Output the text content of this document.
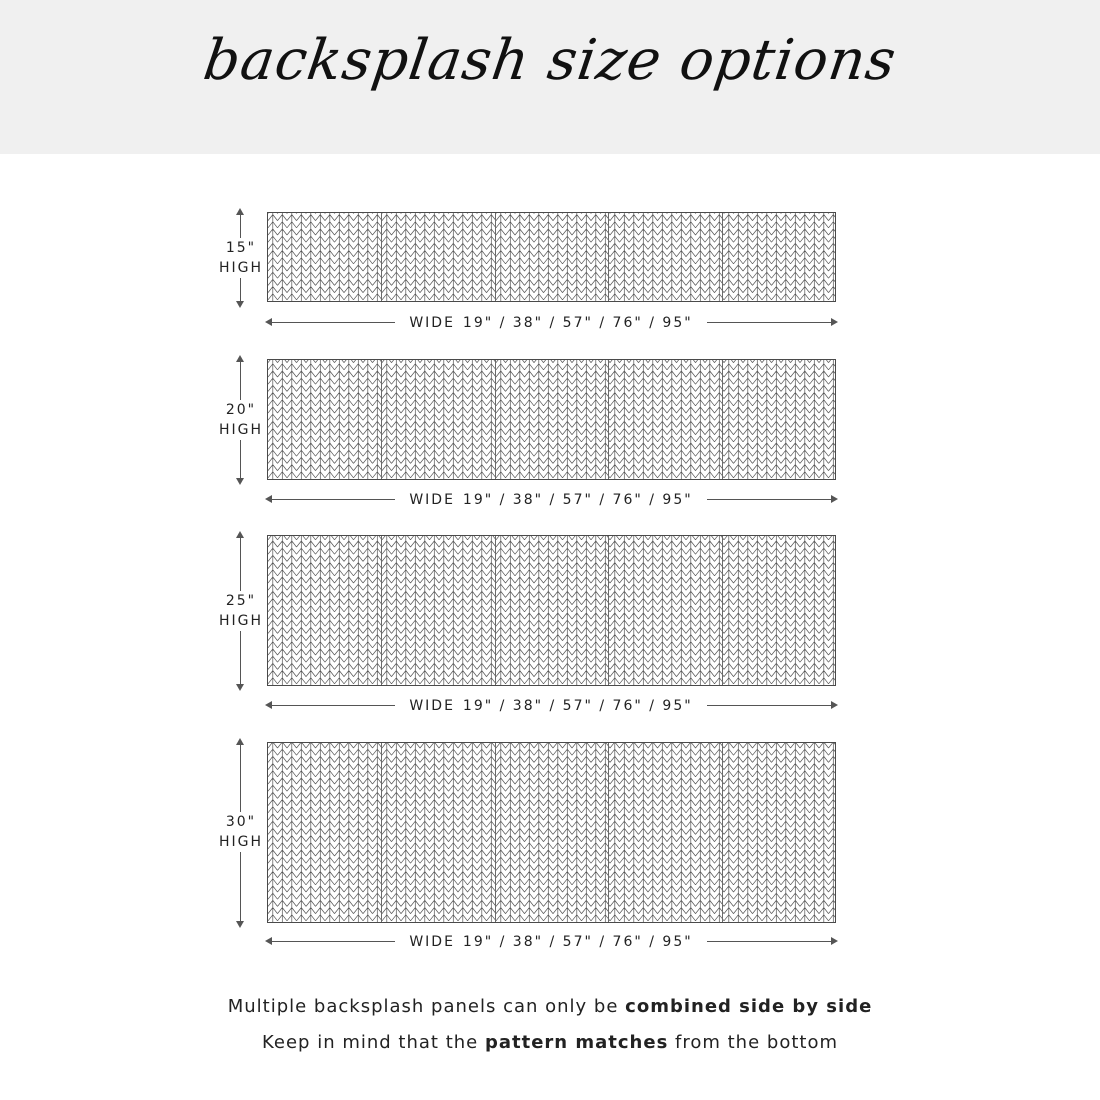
backsplash size options
15"
HIGH
WIDE 19" / 38" / 57" / 76" / 95"
20"
HIGH
WIDE 19" / 38" / 57" / 76" / 95"
25"
HIGH
WIDE 19" / 38" / 57" / 76" / 95"
30"
HIGH
WIDE 19" / 38" / 57" / 76" / 95"
Multiple backsplash panels can only be combined side by side
Keep in mind that the pattern matches from the bottom
